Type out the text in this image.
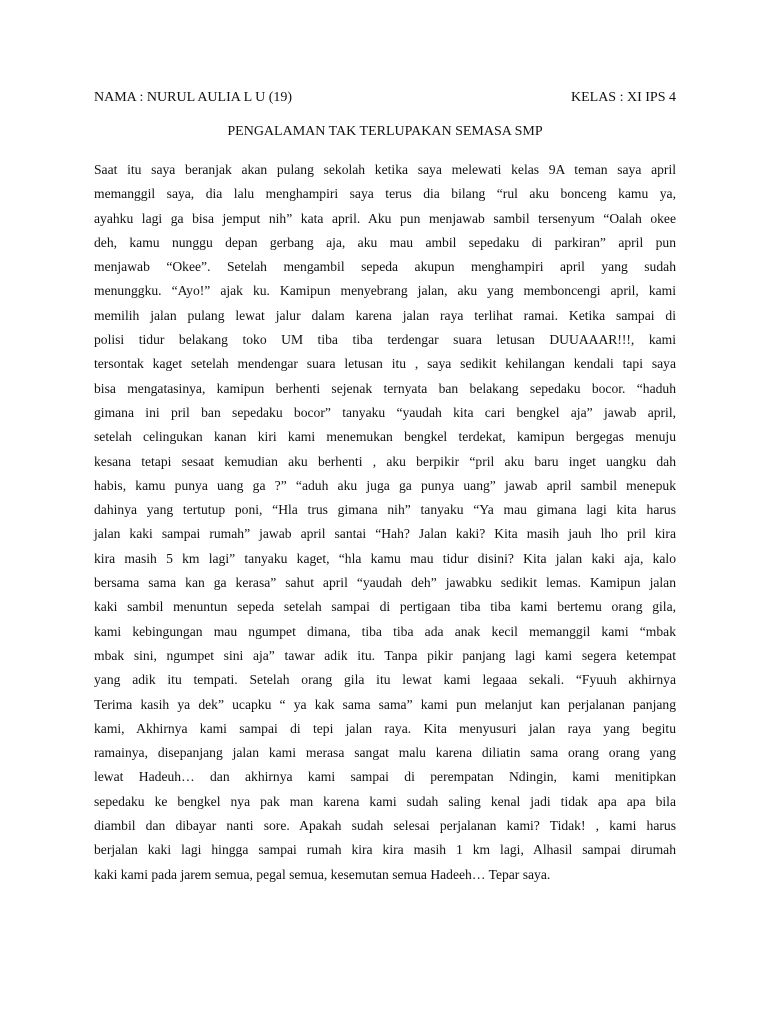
NAMA : NURUL AULIA L U (19)	KELAS : XI IPS 4
PENGALAMAN TAK TERLUPAKAN SEMASA SMP
Saat itu saya beranjak akan pulang sekolah ketika saya melewati kelas 9A teman saya april
memanggil saya, dia lalu menghampiri saya terus dia bilang “rul aku bonceng kamu ya,
ayahku lagi ga bisa jemput nih” kata april. Aku pun menjawab sambil tersenyum “Oalah okee
deh, kamu nunggu depan gerbang aja, aku mau ambil sepedaku di parkiran” april pun
menjawab “Okee”. Setelah mengambil sepeda akupun menghampiri april yang sudah
menunggku. “Ayo!” ajak ku. Kamipun menyebrang jalan, aku yang memboncengi april, kami
memilih jalan pulang lewat jalur dalam karena jalan raya terlihat ramai. Ketika sampai di
polisi tidur belakang toko UM tiba tiba terdengar suara letusan DUUAAAR!!!, kami
tersontak kaget setelah mendengar suara letusan itu , saya sedikit kehilangan kendali tapi saya
bisa mengatasinya, kamipun berhenti sejenak ternyata ban belakang sepedaku bocor. “haduh
gimana ini pril ban sepedaku bocor” tanyaku “yaudah kita cari bengkel aja” jawab april,
setelah celingukan kanan kiri kami menemukan bengkel terdekat, kamipun bergegas menuju
kesana tetapi sesaat kemudian aku berhenti , aku berpikir “pril aku baru inget uangku dah
habis, kamu punya uang ga ?” “aduh aku juga ga punya uang” jawab april sambil menepuk
dahinya yang tertutup poni, “Hla trus gimana nih” tanyaku “Ya mau gimana lagi kita harus
jalan kaki sampai rumah” jawab april santai “Hah? Jalan kaki? Kita masih jauh lho pril kira
kira masih 5 km lagi” tanyaku kaget, “hla kamu mau tidur disini? Kita jalan kaki aja, kalo
bersama sama kan ga kerasa” sahut april “yaudah deh” jawabku sedikit lemas. Kamipun jalan
kaki sambil menuntun sepeda setelah sampai di pertigaan tiba tiba kami bertemu orang gila,
kami kebingungan mau ngumpet dimana, tiba tiba ada anak kecil memanggil kami “mbak
mbak sini, ngumpet sini aja” tawar adik itu. Tanpa pikir panjang lagi kami segera ketempat
yang adik itu tempati. Setelah orang gila itu lewat kami legaaa sekali. “Fyuuh akhirnya
Terima kasih ya dek” ucapku “ ya kak sama sama” kami pun melanjut kan perjalanan panjang
kami, Akhirnya kami sampai di tepi jalan raya. Kita menyusuri jalan raya yang begitu
ramainya, disepanjang jalan kami merasa sangat malu karena diliatin sama orang orang yang
lewat Hadeuh… dan akhirnya kami sampai di perempatan Ndingin, kami menitipkan
sepedaku ke bengkel nya pak man karena kami sudah saling kenal jadi tidak apa apa bila
diambil dan dibayar nanti sore. Apakah sudah selesai perjalanan kami? Tidak! , kami harus
berjalan kaki lagi hingga sampai rumah kira kira masih 1 km lagi, Alhasil sampai dirumah
kaki kami pada jarem semua, pegal semua, kesemutan semua Hadeeh… Tepar saya.
